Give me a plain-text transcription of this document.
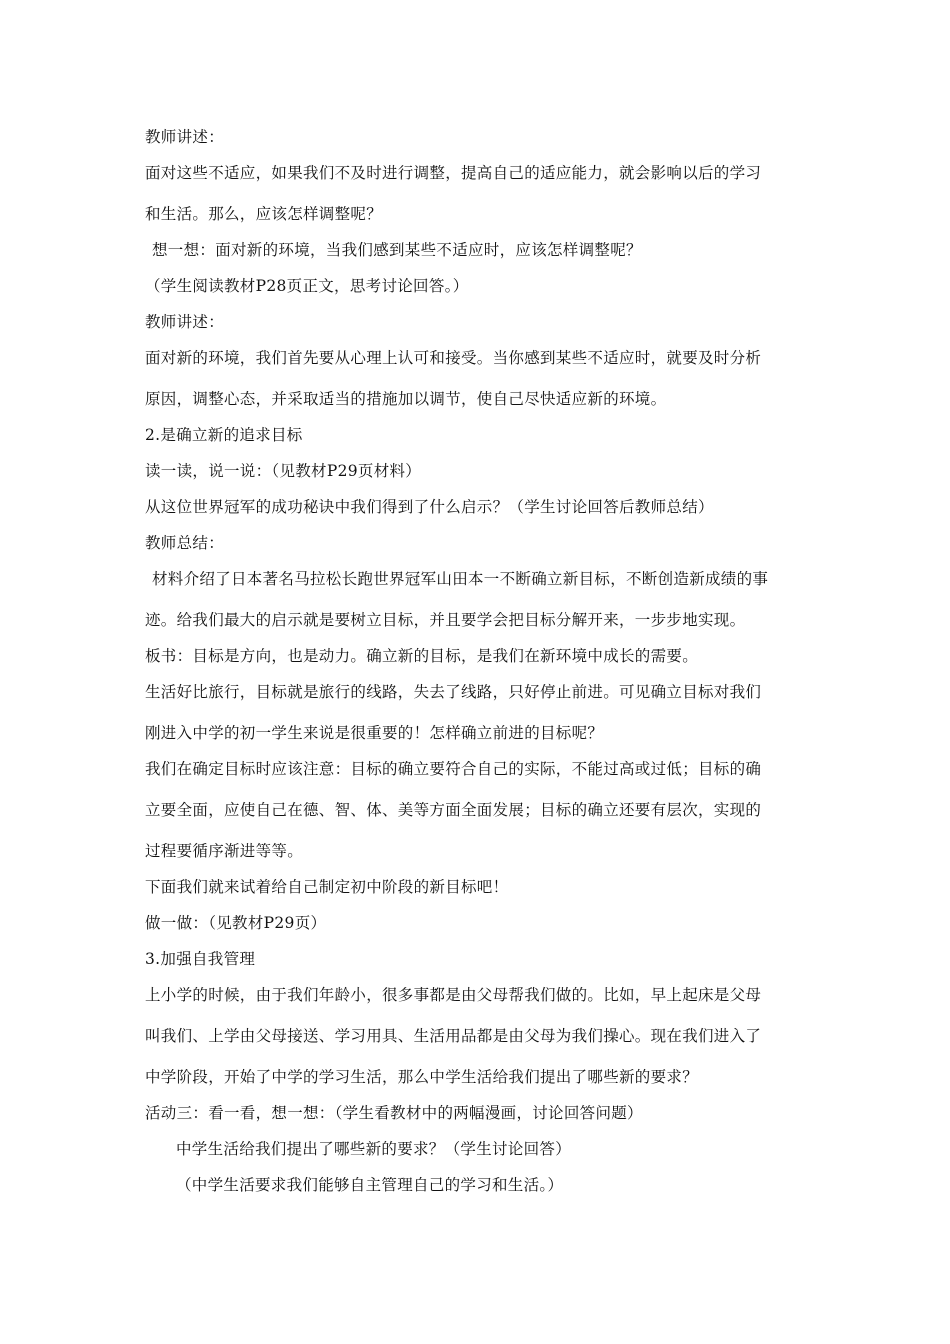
教师讲述：
面对这些不适应，如果我们不及时进行调整，提高自己的适应能力，就会影响以后的学习
和生活。那么，应该怎样调整呢？
想一想：面对新的环境，当我们感到某些不适应时，应该怎样调整呢？
（学生阅读教材P28页正文，思考讨论回答。）
教师讲述：
面对新的环境，我们首先要从心理上认可和接受。当你感到某些不适应时，就要及时分析
原因，调整心态，并采取适当的措施加以调节，使自己尽快适应新的环境。
2.是确立新的追求目标
读一读，说一说：（见教材P29页材料）
从这位世界冠军的成功秘诀中我们得到了什么启示？（学生讨论回答后教师总结）
教师总结：
材料介绍了日本著名马拉松长跑世界冠军山田本一不断确立新目标，不断创造新成绩的事
迹。给我们最大的启示就是要树立目标，并且要学会把目标分解开来，一步步地实现。
板书：目标是方向，也是动力。确立新的目标，是我们在新环境中成长的需要。
生活好比旅行，目标就是旅行的线路，失去了线路，只好停止前进。可见确立目标对我们
刚进入中学的初一学生来说是很重要的！怎样确立前进的目标呢？
我们在确定目标时应该注意：目标的确立要符合自己的实际，不能过高或过低；目标的确
立要全面，应使自己在德、智、体、美等方面全面发展；目标的确立还要有层次，实现的
过程要循序渐进等等。
下面我们就来试着给自己制定初中阶段的新目标吧！
做一做：（见教材P29页）
3.加强自我管理
上小学的时候，由于我们年龄小，很多事都是由父母帮我们做的。比如，早上起床是父母
叫我们、上学由父母接送、学习用具、生活用品都是由父母为我们操心。现在我们进入了
中学阶段，开始了中学的学习生活，那么中学生活给我们提出了哪些新的要求？
活动三：看一看，想一想：（学生看教材中的两幅漫画，讨论回答问题）
中学生活给我们提出了哪些新的要求？（学生讨论回答）
（中学生活要求我们能够自主管理自己的学习和生活。）
